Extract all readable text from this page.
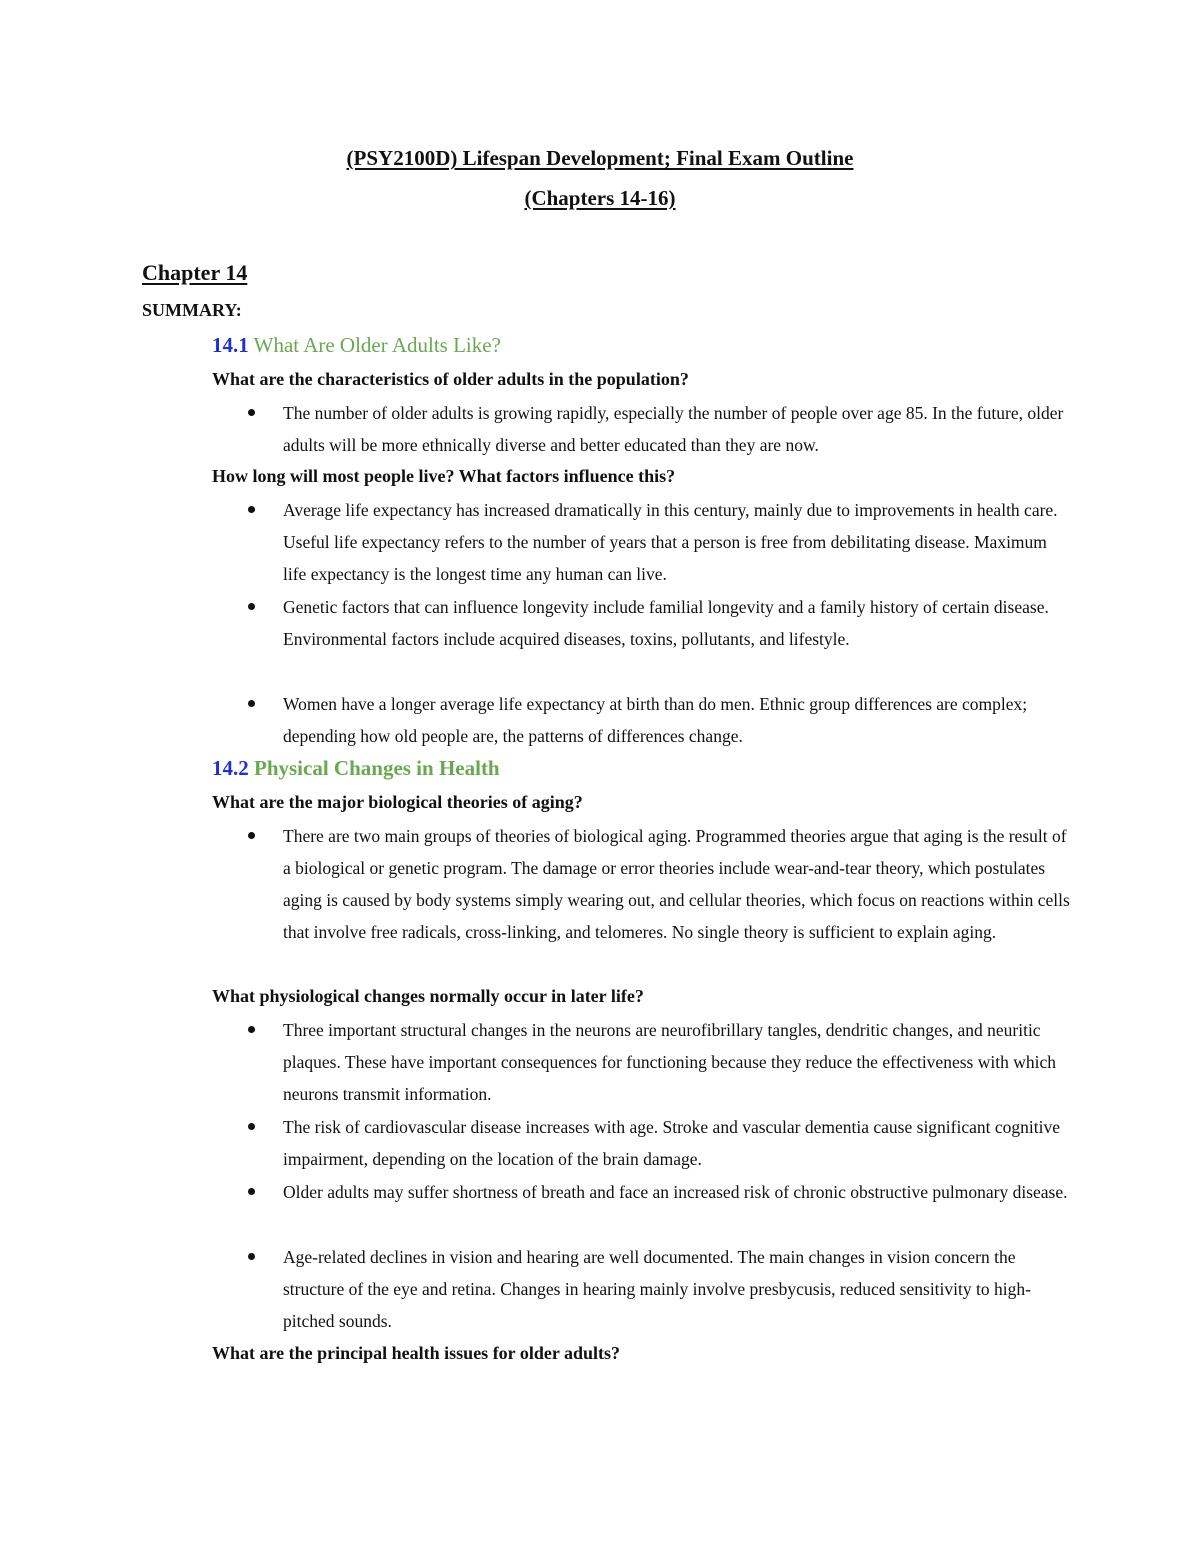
(PSY2100D) Lifespan Development; Final Exam Outline
(Chapters 14-16)
Chapter 14
SUMMARY:
14.1 What Are Older Adults Like?
What are the characteristics of older adults in the population?
The number of older adults is growing rapidly, especially the number of people over age 85. In the future, older adults will be more ethnically diverse and better educated than they are now.
How long will most people live? What factors influence this?
Average life expectancy has increased dramatically in this century, mainly due to improvements in health care. Useful life expectancy refers to the number of years that a person is free from debilitating disease. Maximum life expectancy is the longest time any human can live.
Genetic factors that can influence longevity include familial longevity and a family history of certain disease. Environmental factors include acquired diseases, toxins, pollutants, and lifestyle.
Women have a longer average life expectancy at birth than do men. Ethnic group differences are complex; depending how old people are, the patterns of differences change.
14.2 Physical Changes in Health
What are the major biological theories of aging?
There are two main groups of theories of biological aging. Programmed theories argue that aging is the result of a biological or genetic program. The damage or error theories include wear-and-tear theory, which postulates aging is caused by body systems simply wearing out, and cellular theories, which focus on reactions within cells that involve free radicals, cross-linking, and telomeres. No single theory is sufficient to explain aging.
What physiological changes normally occur in later life?
Three important structural changes in the neurons are neurofibrillary tangles, dendritic changes, and neuritic plaques. These have important consequences for functioning because they reduce the effectiveness with which neurons transmit information.
The risk of cardiovascular disease increases with age. Stroke and vascular dementia cause significant cognitive impairment, depending on the location of the brain damage.
Older adults may suffer shortness of breath and face an increased risk of chronic obstructive pulmonary disease.
Age-related declines in vision and hearing are well documented. The main changes in vision concern the structure of the eye and retina. Changes in hearing mainly involve presbycusis, reduced sensitivity to high-pitched sounds.
What are the principal health issues for older adults?
